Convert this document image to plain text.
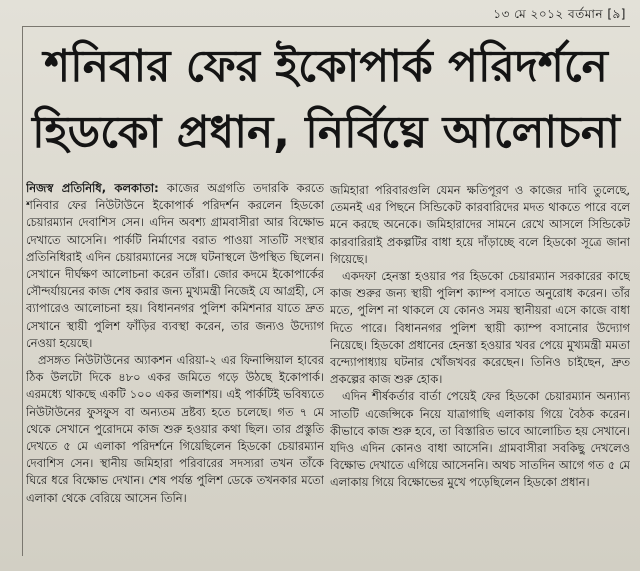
১৩ মে ২০১২ বর্তমান [৯]
শনিবার ফের ইকোপার্ক পরিদর্শনে
হিডকো প্রধান, নির্বিঘ্নে আলোচনা

নিজস্ব প্রতিনিধি, কলকাতা: কাজের অগ্রগতি তদারকি করতে শনিবার ফের নিউটাউনে ইকোপার্ক পরিদর্শন করলেন হিডকো চেয়ারম্যান দেবাশিস সেন। এদিন অবশ্য গ্রামবাসীরা আর বিক্ষোভ দেখাতে আসেনি। পার্কটি নির্মাণের বরাত পাওয়া সাতটি সংস্থার প্রতিনিধিরাই এদিন চেয়ারম্যানের সঙ্গে ঘটনাস্থলে উপস্থিত ছিলেন। সেখানে দীর্ঘক্ষণ আলোচনা করেন তাঁরা। জোর কদমে ইকোপার্কের সৌন্দর্যায়নের কাজ শেষ করার জন্য মুখ্যমন্ত্রী নিজেই যে আগ্রহী, সে ব্যাপারেও আলোচনা হয়। বিধাননগর পুলিশ কমিশনার যাতে দ্রুত সেখানে স্থায়ী পুলিশ ফাঁড়ির ব্যবস্থা করেন, তার জন্যও উদ্যোগ নেওয়া হয়েছে।

প্রসঙ্গত নিউটাউনের অ্যাকশন এরিয়া-২ এর ফিনান্সিয়াল হাবের ঠিক উলটো দিকে ৪৮০ একর জমিতে গড়ে উঠছে ইকোপার্ক। এরমধ্যে থাকছে একটি ১০০ একর জলাশয়। এই পার্কটিই ভবিষ্যতে নিউটাউনের ফুসফুস বা অন্যতম দ্রষ্টব্য হতে চলেছে। গত ৭ মে থেকে সেখানে পুরোদমে কাজ শুরু হওয়ার কথা ছিল। তার প্রস্তুতি দেখতে ৫ মে এলাকা পরিদর্শনে গিয়েছিলেন হিডকো চেয়ারম্যান দেবাশিস সেন। স্থানীয় জমিহারা পরিবারের সদস্যরা তখন তাঁকে ঘিরে ধরে বিক্ষোভ দেখান। শেষ পর্যন্ত পুলিশ ডেকে তখনকার মতো এলাকা থেকে বেরিয়ে আসেন তিনি।

জমিহারা পরিবারগুলি যেমন ক্ষতিপূরণ ও কাজের দাবি তুলেছে, তেমনই এর পিছনে সিন্ডিকেট কারবারিদের মদত থাকতে পারে বলে মনে করছে অনেকে। জমিহারাদের সামনে রেখে আসলে সিন্ডিকেট কারবারিরাই প্রকল্পটির বাধা হয়ে দাঁড়াচ্ছে বলে হিডকো সূত্রে জানা গিয়েছে।

একদফা হেনস্তা হওয়ার পর হিডকো চেয়ারম্যান সরকারের কাছে কাজ শুরুর জন্য স্থায়ী পুলিশ ক্যাম্প বসাতে অনুরোধ করেন। তাঁর মতে, পুলিশ না থাকলে যে কোনও সময় স্থানীয়রা এসে কাজে বাধা দিতে পারে। বিধাননগর পুলিশ স্থায়ী ক্যাম্প বসানোর উদ্যোগ নিয়েছে। হিডকো প্রধানের হেনস্তা হওয়ার খবর পেয়ে মুখ্যমন্ত্রী মমতা বন্দ্যোপাধ্যায় ঘটনার খোঁজখবর করেছেন। তিনিও চাইছেন, দ্রুত প্রকল্পের কাজ শুরু হোক।

এদিন শীর্ষকর্তার বার্তা পেয়েই ফের হিডকো চেয়ারম্যান অন্যান্য সাতটি এজেন্সিকে নিয়ে যাত্রাগাছি এলাকায় গিয়ে বৈঠক করেন। কীভাবে কাজ শুরু হবে, তা বিস্তারিত ভাবে আলোচিত হয় সেখানে। যদিও এদিন কোনও বাধা আসেনি। গ্রামবাসীরা সবকিছু দেখলেও বিক্ষোভ দেখাতে এগিয়ে আসেননি। অথচ সাতদিন আগে গত ৫ মে এলাকায় গিয়ে বিক্ষোভের মুখে পড়েছিলেন হিডকো প্রধান।
